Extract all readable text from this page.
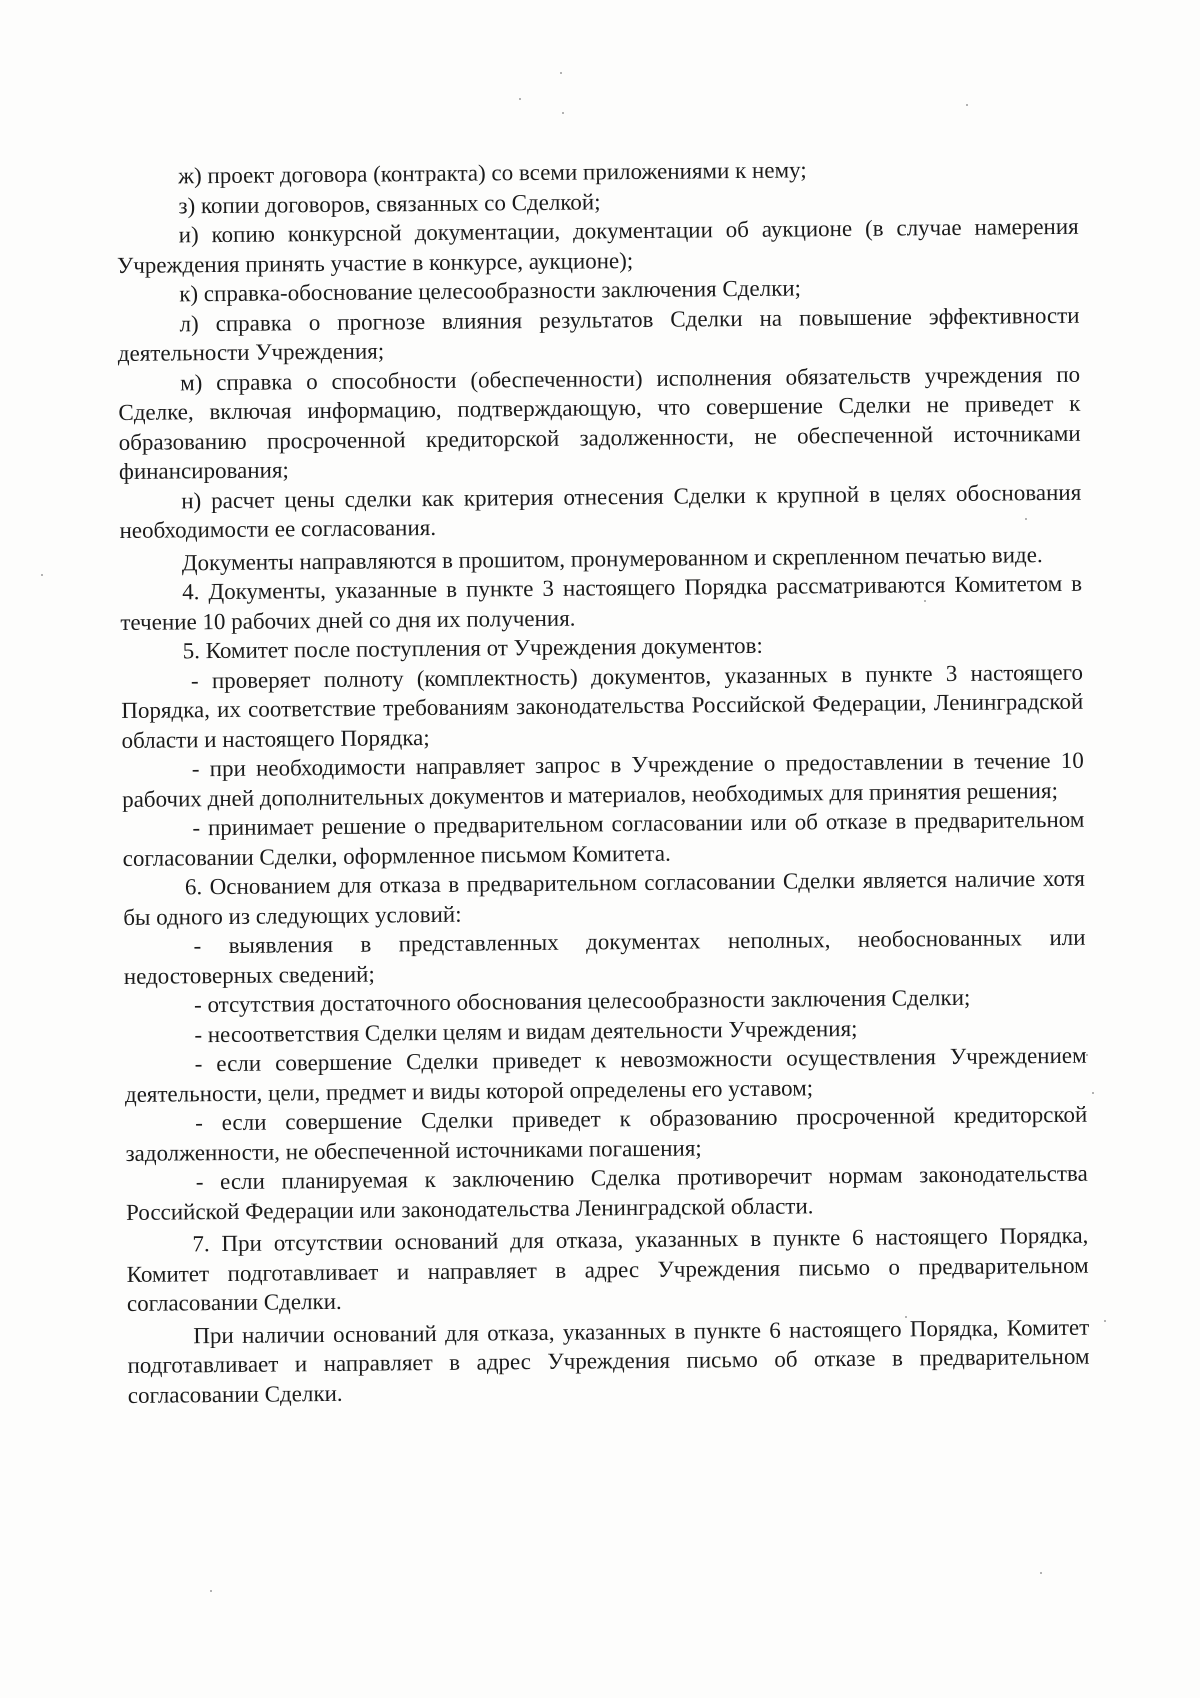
ж) проект договора (контракта) со всеми приложениями к нему;

з) копии договоров, связанных со Сделкой;

и) копию конкурсной документации, документации об аукционе (в случае намерения Учреждения принять участие в конкурсе, аукционе);

к) справка-обоснование целесообразности заключения Сделки;

л) справка о прогнозе влияния результатов Сделки на повышение эффективности деятельности Учреждения;

м) справка о способности (обеспеченности) исполнения обязательств учреждения по Сделке, включая информацию, подтверждающую, что совершение Сделки не приведет к образованию просроченной кредиторской задолженности, не обеспеченной источниками финансирования;

н) расчет цены сделки как критерия отнесения Сделки к крупной в целях обоснования необходимости ее согласования.

Документы направляются в прошитом, пронумерованном и скрепленном печатью виде.

4. Документы, указанные в пункте 3 настоящего Порядка рассматриваются Комитетом в течение 10 рабочих дней со дня их получения.

5. Комитет после поступления от Учреждения документов:

- проверяет полноту (комплектность) документов, указанных в пункте 3 настоящего Порядка, их соответствие требованиям законодательства Российской Федерации, Ленинградской области и настоящего Порядка;

- при необходимости направляет запрос в Учреждение о предоставлении в течение 10 рабочих дней дополнительных документов и материалов, необходимых для принятия решения;

- принимает решение о предварительном согласовании или об отказе в предварительном согласовании Сделки, оформленное письмом Комитета.

6. Основанием для отказа в предварительном согласовании Сделки является наличие хотя бы одного из следующих условий:

- выявления в представленных документах неполных, необоснованных или недостоверных сведений;

- отсутствия достаточного обоснования целесообразности заключения Сделки;

- несоответствия Сделки целям и видам деятельности Учреждения;

- если совершение Сделки приведет к невозможности осуществления Учреждением деятельности, цели, предмет и виды которой определены его уставом;

- если совершение Сделки приведет к образованию просроченной кредиторской задолженности, не обеспеченной источниками погашения;

- если планируемая к заключению Сделка противоречит нормам законодательства Российской Федерации или законодательства Ленинградской области.

7. При отсутствии оснований для отказа, указанных в пункте 6 настоящего Порядка, Комитет подготавливает и направляет в адрес Учреждения письмо о предварительном согласовании Сделки.

При наличии оснований для отказа, указанных в пункте 6 настоящего Порядка, Комитет подготавливает и направляет в адрес Учреждения письмо об отказе в предварительном согласовании Сделки.
